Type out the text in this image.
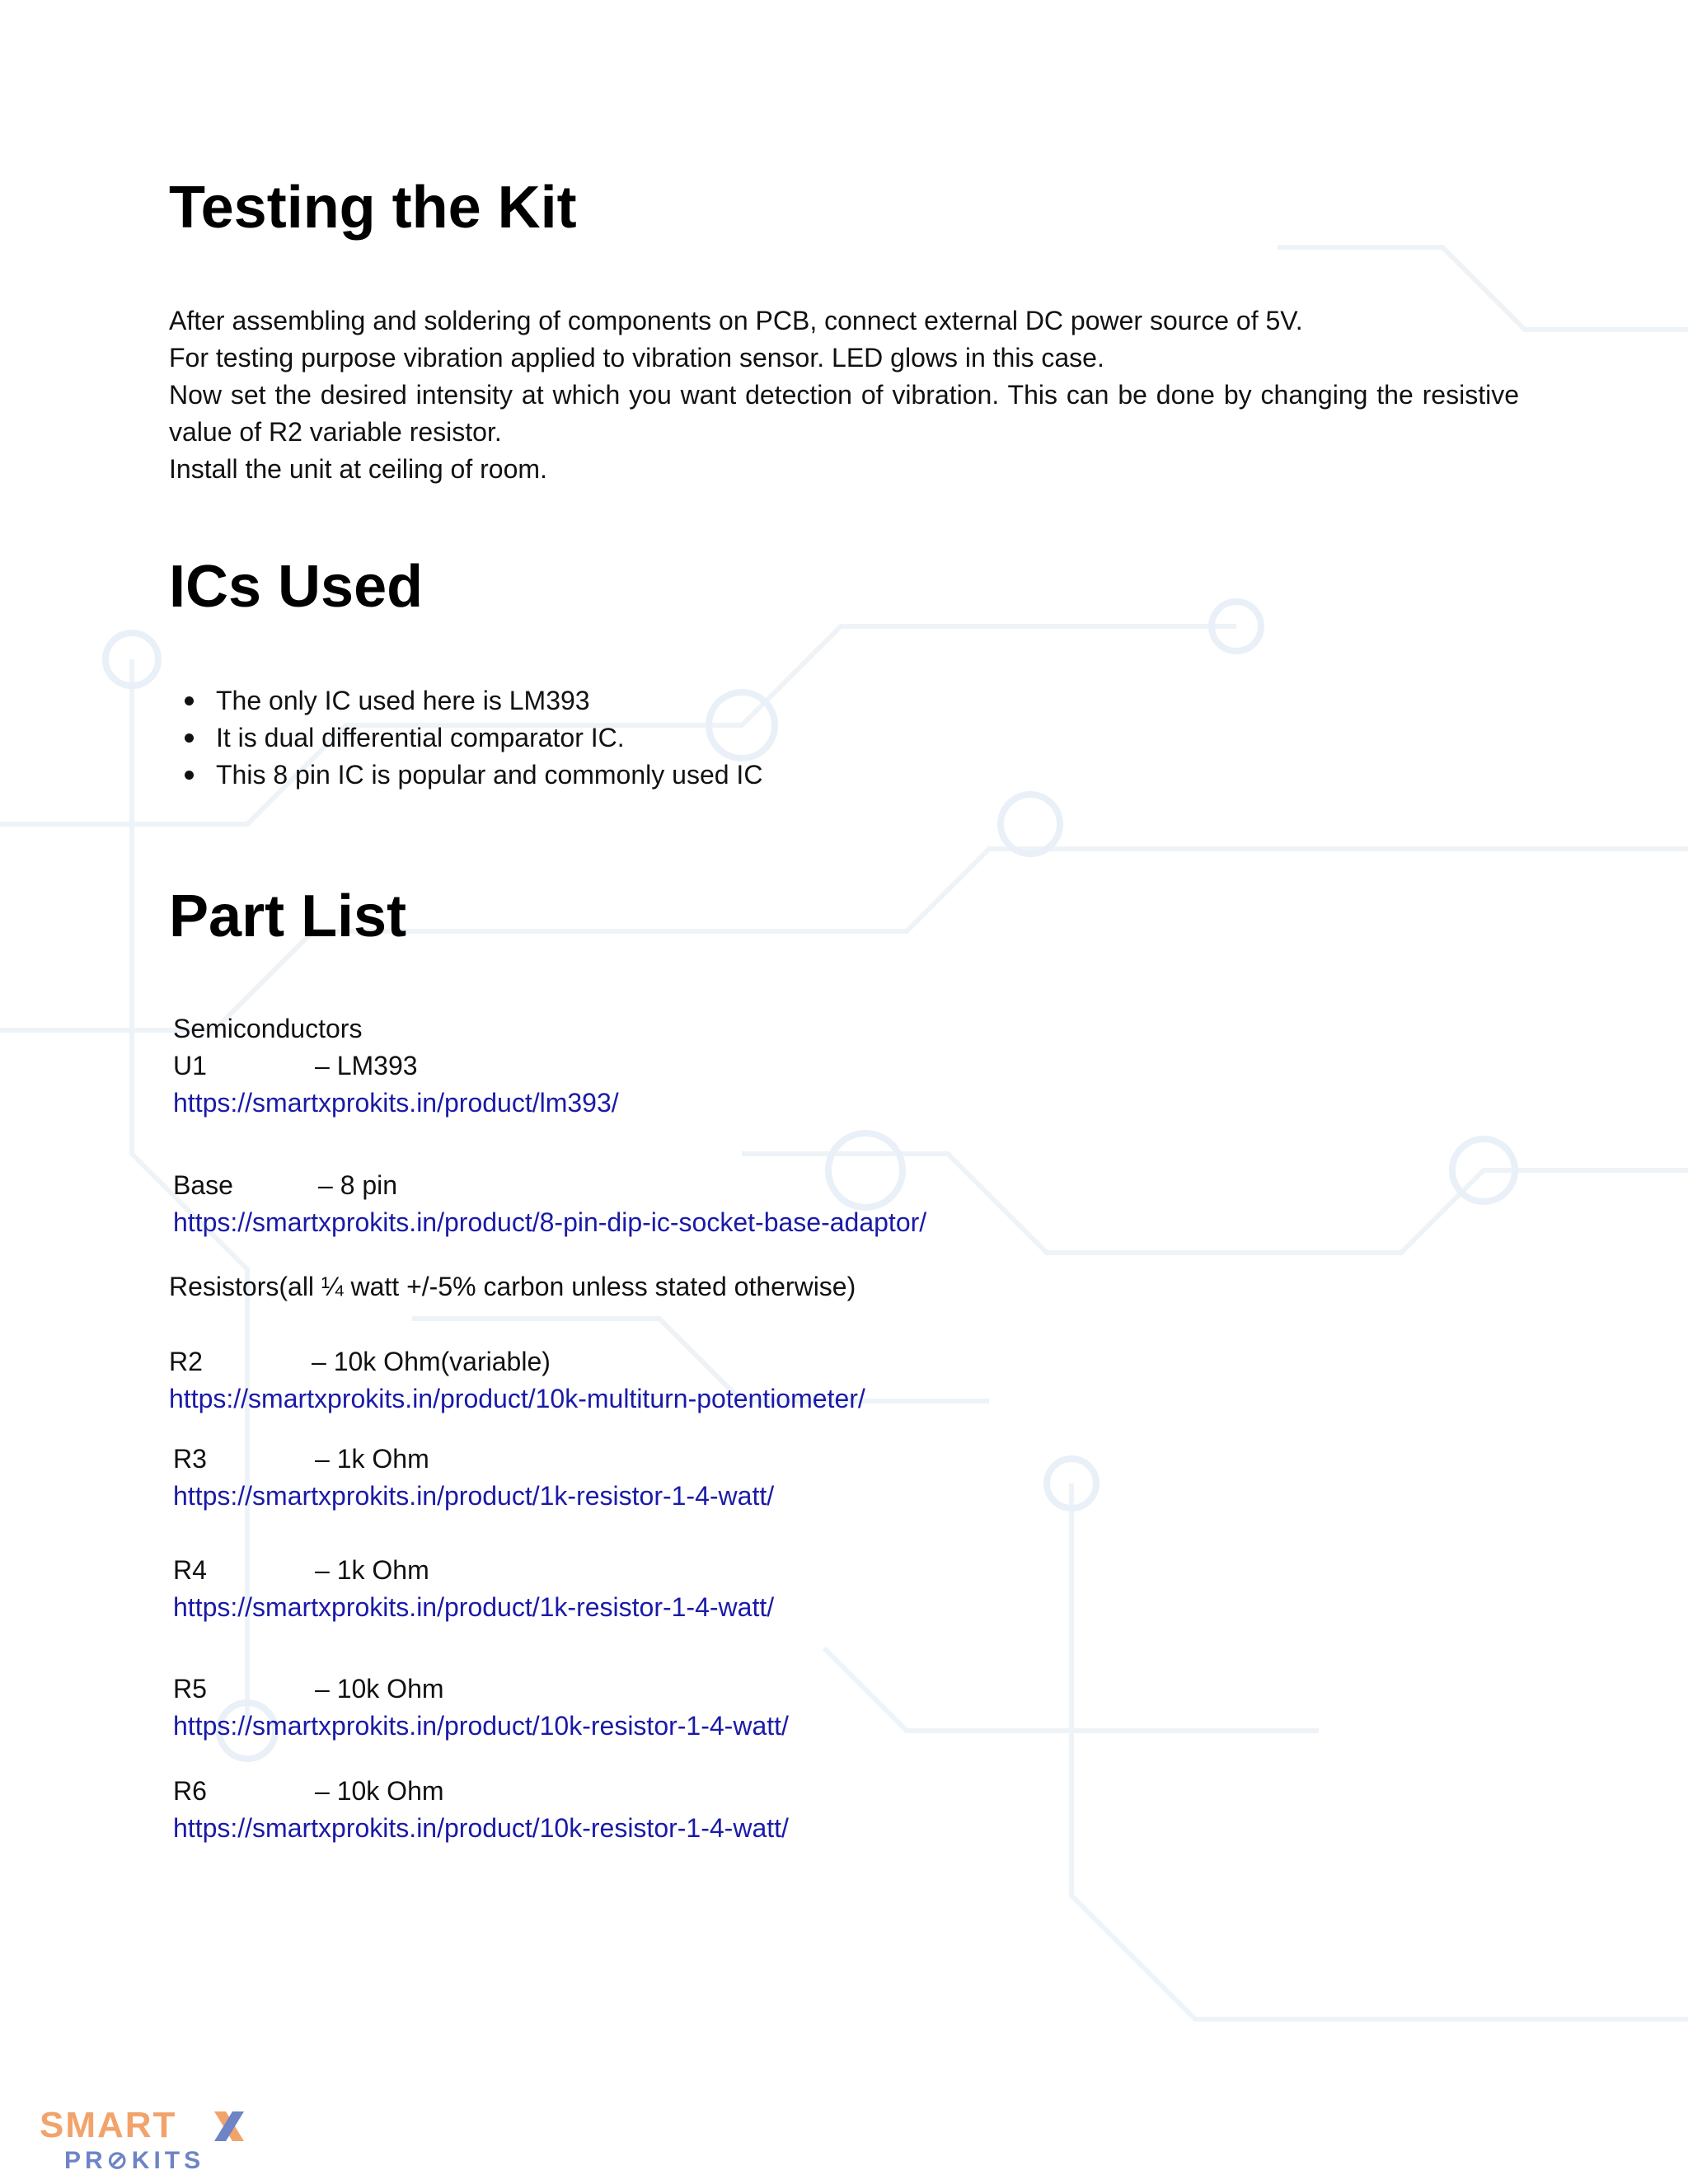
Testing the Kit

After assembling and soldering of components on PCB, connect external DC power source of 5V.

For testing purpose vibration applied to vibration sensor. LED glows in this case.

Now set the desired intensity at which you want detection of vibration. This can be done by changing the resistive value of R2 variable resistor.

Install the unit at ceiling of room.

ICs Used
The only IC used here is LM393
It is dual differential comparator IC.
This 8 pin IC is popular and commonly used IC
Part List
Semiconductors
U1	– LM393
https://smartxprokits.in/product/lm393/
Base	– 8 pin
https://smartxprokits.in/product/8-pin-dip-ic-socket-base-adaptor/
Resistors(all ¼ watt +/-5% carbon unless stated otherwise)
R2	– 10k Ohm(variable)
https://smartxprokits.in/product/10k-multiturn-potentiometer/
R3	– 1k Ohm
https://smartxprokits.in/product/1k-resistor-1-4-watt/
R4	– 1k Ohm
https://smartxprokits.in/product/1k-resistor-1-4-watt/
R5	– 10k Ohm
https://smartxprokits.in/product/10k-resistor-1-4-watt/
R6	– 10k Ohm
https://smartxprokits.in/product/10k-resistor-1-4-watt/
SMART
PR⊘KITS
